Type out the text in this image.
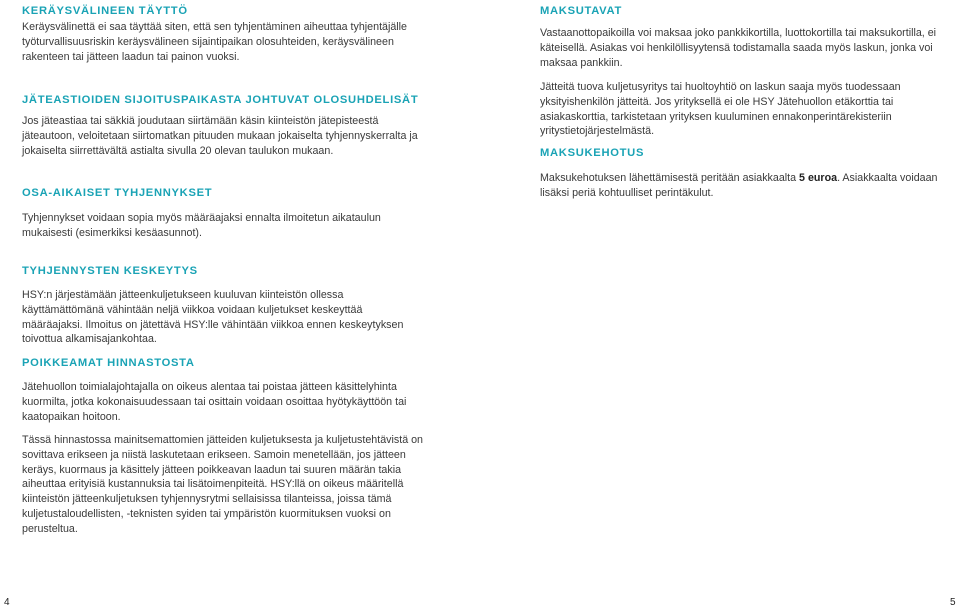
KERÄYSVÄLINEEN TÄYTTÖ

Keräysvälinettä ei saa täyttää siten, että sen tyhjentäminen aiheuttaa tyhjentäjälle työturvallisuusriskin keräysvälineen sijaintipaikan olosuhteiden, keräysvälineen rakenteen tai jätteen laadun tai painon vuoksi.

JÄTEASTIOIDEN SIJOITUSPAIKASTA JOHTUVAT OLOSUHDELISÄT

Jos jäteastiaa tai säkkiä joudutaan siirtämään käsin kiinteistön jätepisteestä jäteautoon, veloitetaan siirtomatkan pituuden mukaan jokaiselta tyhjennyskerralta ja jokaiselta siirrettävältä astialta sivulla 20 olevan taulukon mukaan.

OSA-AIKAISET TYHJENNYKSET

Tyhjennykset voidaan sopia myös määräajaksi ennalta ilmoitetun aikataulun mukaisesti (esimerkiksi kesäasunnot).

TYHJENNYSTEN KESKEYTYS

HSY:n järjestämään jätteenkuljetukseen kuuluvan kiinteistön ollessa käyttämättömänä vähintään neljä viikkoa voidaan kuljetukset keskeyttää määräajaksi. Ilmoitus on jätettävä HSY:lle vähintään viikkoa ennen keskeytyksen toivottua alkamisajankohtaa.

POIKKEAMAT HINNASTOSTA

Jätehuollon toimialajohtajalla on oikeus alentaa tai poistaa jätteen käsittelyhinta kuormilta, jotka kokonaisuudessaan tai osittain voidaan osoittaa hyötykäyttöön tai kaatopaikan hoitoon.

Tässä hinnastossa mainitsemattomien jätteiden kuljetuksesta ja kuljetustehtävistä on sovittava erikseen ja niistä laskutetaan erikseen. Samoin menetellään, jos jätteen keräys, kuormaus ja käsittely jätteen poikkeavan laadun tai suuren määrän takia aiheuttaa erityisiä kustannuksia tai lisätoimenpiteitä. HSY:llä on oikeus määritellä kiinteistön jätteenkuljetuksen tyhjennysrytmi sellaisissa tilanteissa, joissa tämä kuljetustaloudellisten, -teknisten syiden tai ympäristön kuormituksen vuoksi on perusteltua.

MAKSUTAVAT

Vastaanottopaikoilla voi maksaa joko pankkikortilla, luottokortilla tai maksukortilla, ei käteisellä. Asiakas voi henkilöllisyytensä todistamalla saada myös laskun, jonka voi maksaa pankkiin.

Jätteitä tuova kuljetusyritys tai huoltoyhtiö on laskun saaja myös tuodessaan yksityishenkilön jätteitä. Jos yrityksellä ei ole HSY Jätehuollon etäkorttia tai asiakaskorttia, tarkistetaan yrityksen kuuluminen ennakonperintärekisteriin yritystietojärjestelmästä.

MAKSUKEHOTUS

Maksukehotuksen lähettämisestä peritään asiakkaalta 5 euroa. Asiakkaalta voidaan lisäksi periä kohtuulliset perintäkulut.

4	5
